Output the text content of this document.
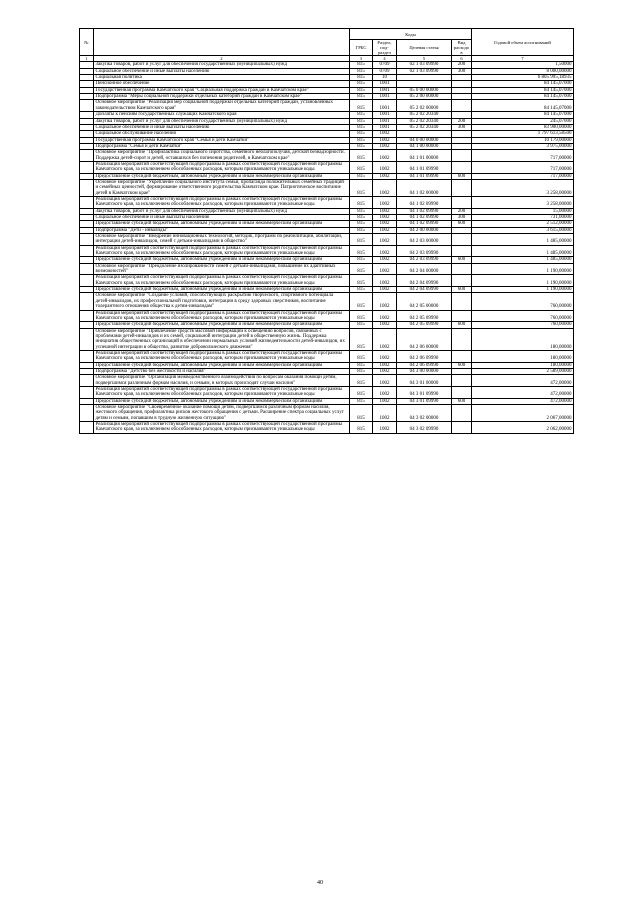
№		Коды				Годовой объем ассигнований
		ГРБС	Раздел, под-раздел	Целевая статья	Вид расходов	
1	2	3	4	5	6	7
	Закупка товаров, работ и услуг для обеспечения государственных (муниципальных) нужд	815	0709	02 1 03 09990	200	1,50000
	Социальное обеспечение и иные выплаты населению	815	0709	02 1 03 09990	300	8 000,00000
	Социальная политика	815	10			6 805 995,18935
	Пенсионное обеспечение	815	1001			84 145,07000
	Государственная программа Камчатского края "Социальная поддержка граждан в Камчатском крае"	815	1001	05 0 00 00000		84 145,07000
	Подпрограмма "Меры социальной поддержки отдельных категорий граждан в Камчатском крае"	815	1001	05 2 00 00000		84 145,07000
	Основное мероприятие "Реализация мер социальной поддержки отдельных категорий граждан, установленных законодательством Камчатского края"	815	1001	05 2 02 00000		84 145,07000
	Доплаты к пенсиям государственных служащих Камчатского края	815	1001	05 2 02 20340		84 145,07000
	Закупка товаров, работ и услуг для обеспечения государственных (муниципальных) нужд	815	1001	05 2 02 20340	200	245,07000
	Социальное обеспечение и иные выплаты населению	815	1001	05 2 02 20340	300	83 900,00000
	Социальное обслуживание населения	815	1002			1 797 613,58500
	Государственная программа Камчатского края "Семья и дети Камчатки"	815	1002	04 0 00 00000		10 179,00000
	Подпрограмма "Семья и дети Камчатки"	815	1002	04 1 00 00000		3 975,00000
	Основное мероприятие "Профилактика социального сиротства, семейного неблагополучия, детской безнадзорности. Поддержка детей-сирот и детей, оставшихся без попечения родителей, в Камчатском крае"	815	1002	04 1 01 00000		717,00000
	Реализация мероприятий соответствующей подпрограммы в рамках соответствующей государственной программы Камчатского края, за исключением обособленных расходов, которым присваиваются уникальные коды	815	1002	04 1 01 09990		717,00000
	Предоставление субсидий бюджетным, автономным учреждениям и иным некоммерческим организациям	815	1002	04 1 01 09990	600	717,00000
	Основное мероприятие "Укрепление социального института семьи, пропаганда положительных семейных традиций и семейных ценностей, формирование ответственного родительства Камчатском крае. Патриотическое воспитание детей в Камчатском крае"	815	1002	04 1 02 00000		3 258,00000
	Реализация мероприятий соответствующей подпрограммы в рамках соответствующей государственной программы Камчатского края, за исключением обособленных расходов, которым присваиваются уникальные коды	815	1002	04 1 02 09990		3 258,00000
	Закупка товаров, работ и услуг для обеспечения государственных (муниципальных) нужд	815	1002	04 1 02 09990	200	15,00000
	Социальное обеспечение и иные выплаты населению	815	1002	04 1 02 09990	300	731,00000
	Предоставление субсидий бюджетным, автономным учреждениям и иным некоммерческим организациям	815	1002	04 1 02 09990	600	2 512,00000
	Подпрограмма "Дети - инвалиды"	815	1002	04 2 00 00000		3 615,00000
	Основное мероприятие "Внедрение инновационных технологий, методик, программ по реабилитации, абилитации, интеграции детей-инвалидов, семей с детьми-инвалидами в общество"	815	1002	04 2 03 00000		1 485,00000
	Реализация мероприятий соответствующей подпрограммы в рамках соответствующей государственной программы Камчатского края, за исключением обособленных расходов, которым присваиваются уникальные коды	815	1002	04 2 03 09990		1 485,00000
	Предоставление субсидий бюджетным, автономным учреждениям и иным некоммерческим организациям	815	1002	04 2 03 09990	600	1 485,00000
	Основное мероприятие "Преодоление изолированности семей с детьми-инвалидами, повышение их адаптивных возможностей"	815	1002	04 2 04 00000		1 190,00000
	Реализация мероприятий соответствующей подпрограммы в рамках соответствующей государственной программы Камчатского края, за исключением обособленных расходов, которым присваиваются уникальные коды	815	1002	04 2 04 09990		1 190,00000
	Предоставление субсидий бюджетным, автономным учреждениям и иным некоммерческим организациям	815	1002	04 2 04 09990	600	1 190,00000
	Основное мероприятие "Создание условий, способствующих раскрытию творческого, спортивного потенциала детей-инвалидов, их профессиональной подготовки, интеграции в среду здоровых сверстников, воспитание толерантного отношения общества к детям-инвалидам"	815	1002	04 2 05 00000		760,00000
	Реализация мероприятий соответствующей подпрограммы в рамках соответствующей государственной программы Камчатского края, за исключением обособленных расходов, которым присваиваются уникальные коды	815	1002	04 2 05 09990		760,00000
	Предоставление субсидий бюджетным, автономным учреждениям и иным некоммерческим организациям	815	1002	04 2 05 09990	600	760,00000
	Основное мероприятие "Привлечение средств массовой информации к освещению вопросов, связанных с проблемами детей-инвалидов и их семей, социальной интеграции детей в общественную жизнь. Поддержка инициатив общественных организаций в обеспечении нормальных условий жизнедеятельности детей-инвалидов, их успешной интеграции в общество, развитие добровольческого движения"	815	1002	04 2 06 00000		180,00000
	Реализация мероприятий соответствующей подпрограммы в рамках соответствующей государственной программы Камчатского края, за исключением обособленных расходов, которым присваиваются уникальные коды	815	1002	04 2 06 09990		180,00000
	Предоставление субсидий бюджетным, автономным учреждениям и иным некоммерческим организациям	815	1002	04 2 06 09990	600	180,00000
	Подпрограмма "Детство без жестокости и насилия"	815	1002	04 3 00 00000		2 589,00000
	Основное мероприятие "Организация межведомственного взаимодействия по вопросам оказания помощи детям, подвергшимся различным формам насилия, и семьям, в которых происходят случаи насилия"	815	1002	04 3 01 00000		472,00000
	Реализация мероприятий соответствующей подпрограммы в рамках соответствующей государственной программы Камчатского края, за исключением обособленных расходов, которым присваиваются уникальные коды	815	1002	04 3 01 09990		472,00000
	Предоставление субсидий бюджетным, автономным учреждениям и иным некоммерческим организациям	815	1002	04 3 01 09990	600	472,00000
	Основное мероприятие "Своевременное оказание помощи детям, подвергшимся различным формам насилия, жестокого обращения, профилактика рисков жестокого обращения с детьми. Расширение спектра социальных услуг детям и семьям, попавшим в трудную жизненную ситуацию"	815	1002	04 3 02 00000		2 067,00000
	Реализация мероприятий соответствующей подпрограммы в рамках соответствующей государственной программы Камчатского края, за исключением обособленных расходов, которым присваиваются уникальные коды	815	1002	04 3 02 09990		2 062,00000
40
